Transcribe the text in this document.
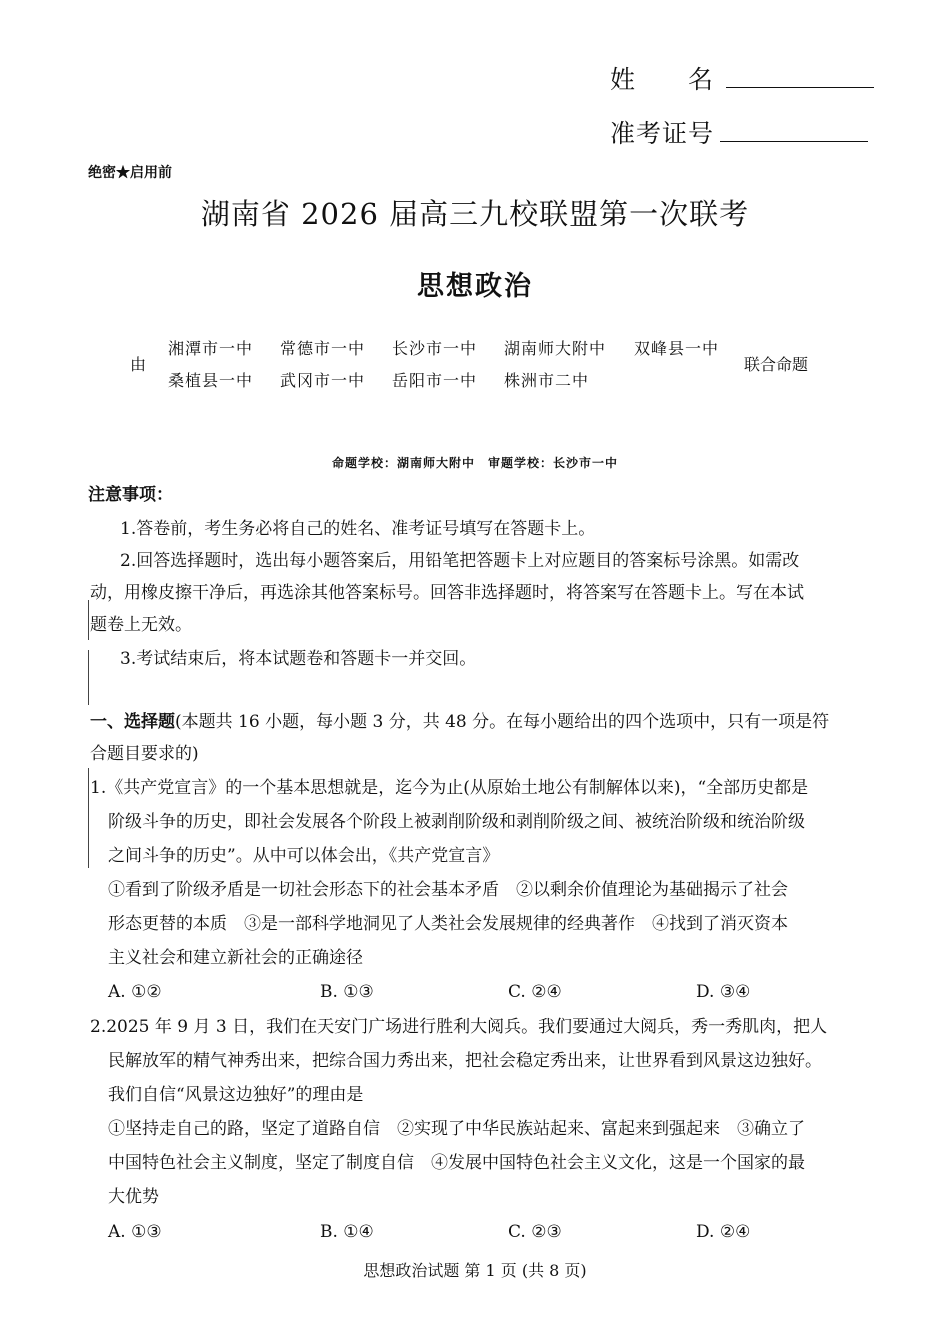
姓　　名
准考证号
绝密★启用前
湖南省 2026 届高三九校联盟第一次联考
思想政治
由
湘潭市一中 常德市一中 长沙市一中 湖南师大附中 双峰县一中
桑植县一中 武冈市一中 岳阳市一中 株洲市二中
联合命题
命题学校：湖南师大附中　审题学校：长沙市一中
注意事项：
1.答卷前，考生务必将自己的姓名、准考证号填写在答题卡上。
2.回答选择题时，选出每小题答案后，用铅笔把答题卡上对应题目的答案标号涂黑。如需改
动，用橡皮擦干净后，再选涂其他答案标号。回答非选择题时，将答案写在答题卡上。写在本试
题卷上无效。
3.考试结束后，将本试题卷和答题卡一并交回。
一、选择题(本题共 16 小题，每小题 3 分，共 48 分。在每小题给出的四个选项中，只有一项是符
合题目要求的)
1.《共产党宣言》的一个基本思想就是，迄今为止(从原始土地公有制解体以来)，“全部历史都是
阶级斗争的历史，即社会发展各个阶段上被剥削阶级和剥削阶级之间、被统治阶级和统治阶级
之间斗争的历史”。从中可以体会出，《共产党宣言》
①看到了阶级矛盾是一切社会形态下的社会基本矛盾　②以剩余价值理论为基础揭示了社会
形态更替的本质　③是一部科学地洞见了人类社会发展规律的经典著作　④找到了消灭资本
主义社会和建立新社会的正确途径
A. ①②	B. ①③	C. ②④	D. ③④
2.2025 年 9 月 3 日，我们在天安门广场进行胜利大阅兵。我们要通过大阅兵，秀一秀肌肉，把人
民解放军的精气神秀出来，把综合国力秀出来，把社会稳定秀出来，让世界看到风景这边独好。
我们自信“风景这边独好”的理由是
①坚持走自己的路，坚定了道路自信　②实现了中华民族站起来、富起来到强起来　③确立了
中国特色社会主义制度，坚定了制度自信　④发展中国特色社会主义文化，这是一个国家的最
大优势
A. ①③	B. ①④	C. ②③	D. ②④
思想政治试题 第 1 页 (共 8 页)
